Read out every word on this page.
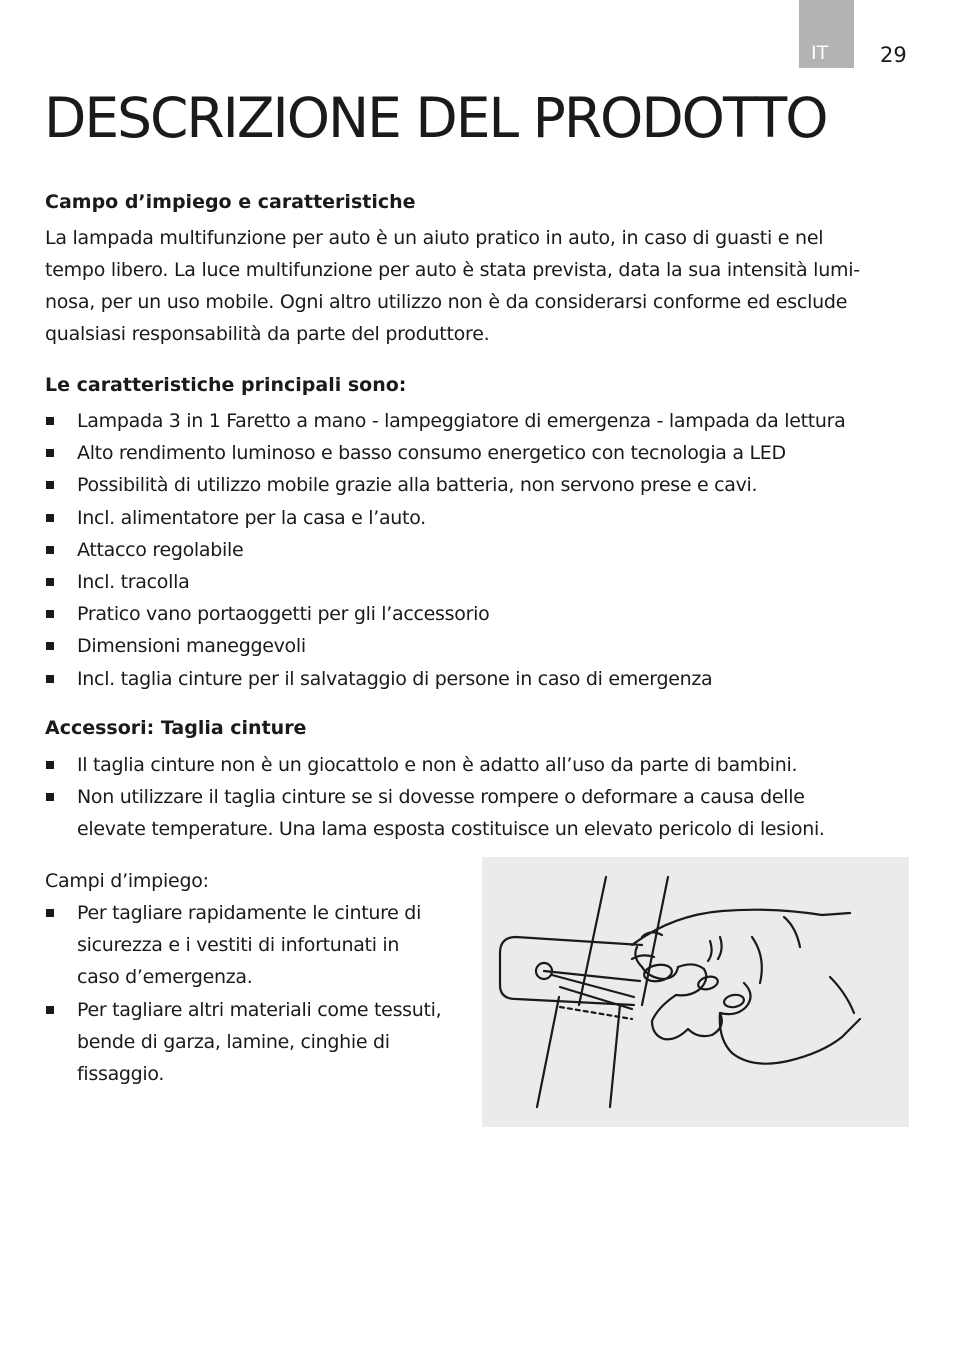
IT 29
DESCRIZIONE DEL PRODOTTO
Campo d’impiego e caratteristiche

La lampada multifunzione per auto è un aiuto pratico in auto, in caso di guasti e nel
tempo libero. La luce multifunzione per auto è stata prevista, data la sua intensità lumi-
nosa, per un uso mobile. Ogni altro utilizzo non è da considerarsi conforme ed esclude
qualsiasi responsabilità da parte del produttore.

Le caratteristiche principali sono:
Lampada 3 in 1 Faretto a mano - lampeggiatore di emergenza - lampada da lettura
Alto rendimento luminoso e basso consumo energetico con tecnologia a LED
Possibilità di utilizzo mobile grazie alla batteria, non servono prese e cavi.
Incl. alimentatore per la casa e l’auto.
Attacco regolabile
Incl. tracolla
Pratico vano portaoggetti per gli l’accessorio
Dimensioni maneggevoli
Incl. taglia cinture per il salvataggio di persone in caso di emergenza
Accessori: Taglia cinture
Il taglia cinture non è un giocattolo e non è adatto all’uso da parte di bambini.
Non utilizzare il taglia cinture se si dovesse rompere o deformare a causa delle
elevate temperature. Una lama esposta costituisce un elevato pericolo di lesioni.

Campi d’impiego:

Per tagliare rapidamente le cinture di
sicurezza e i vestiti di infortunati in
caso d’emergenza.
Per tagliare altri materiali come tessuti,
bende di garza, lamine, cinghie di
fissaggio.
